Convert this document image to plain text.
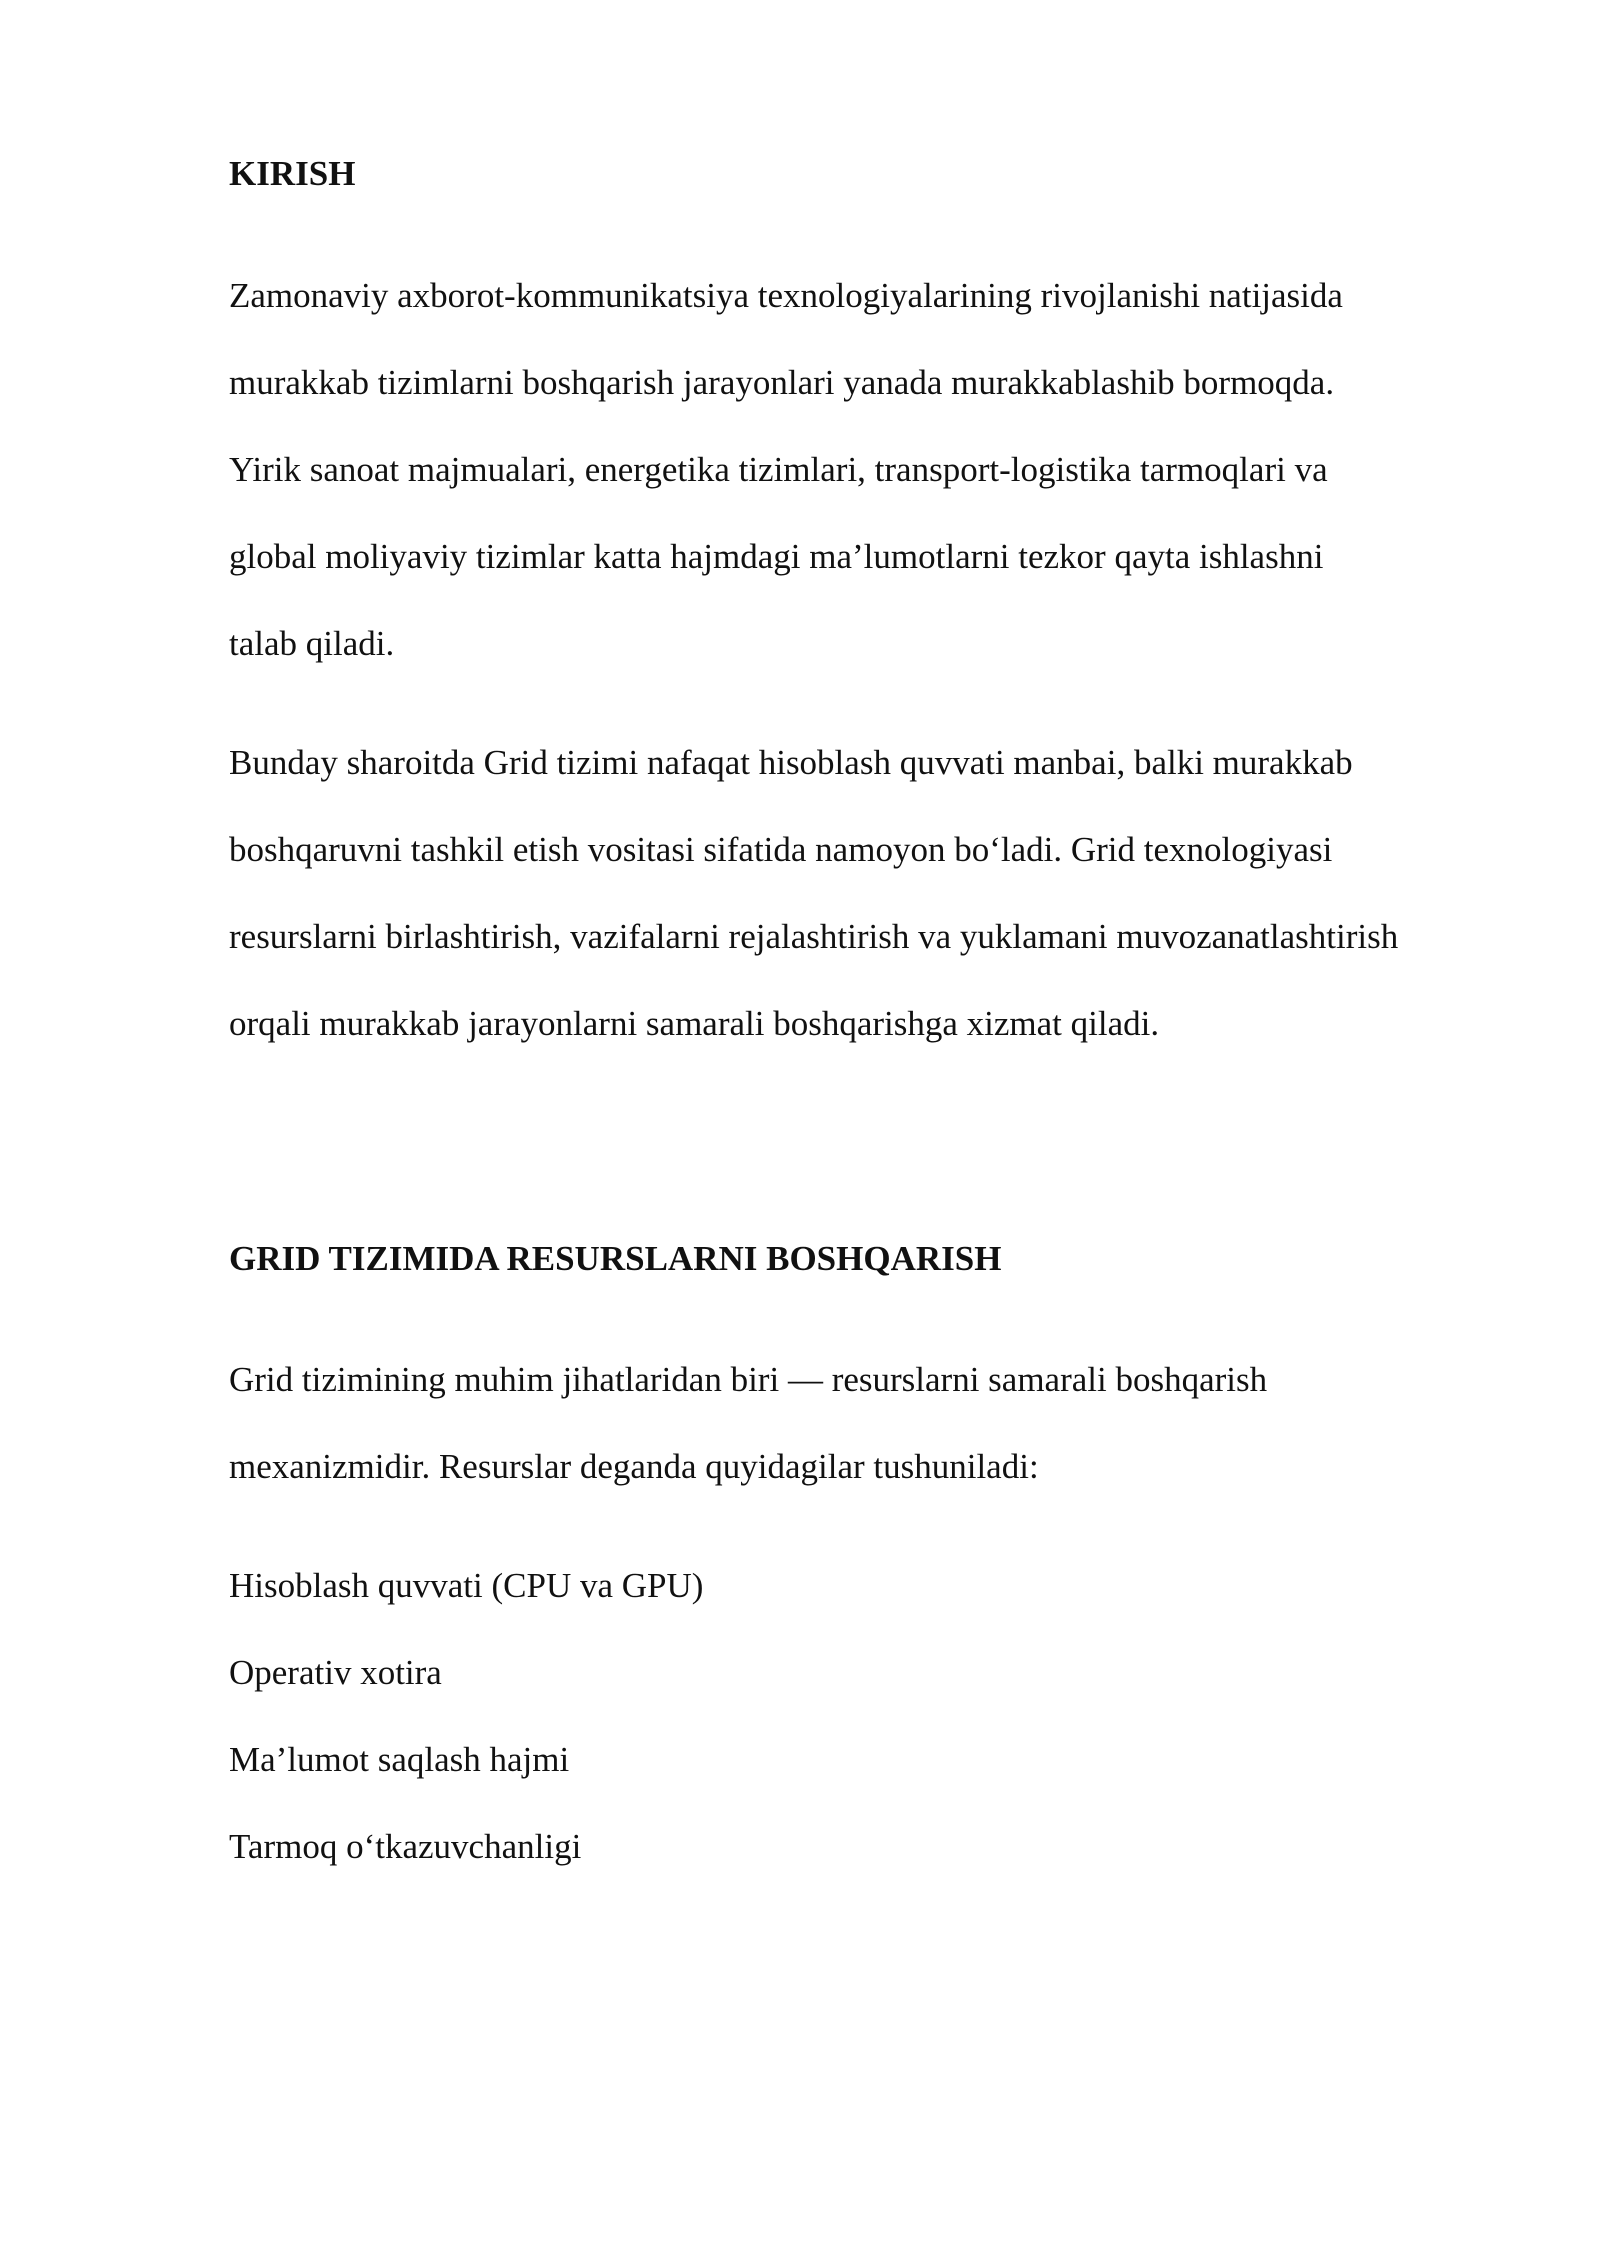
KIRISH

Zamonaviy axborot-kommunikatsiya texnologiyalarining rivojlanishi natijasida

murakkab tizimlarni boshqarish jarayonlari yanada murakkablashib bormoqda.

Yirik sanoat majmualari, energetika tizimlari, transport-logistika tarmoqlari va

global moliyaviy tizimlar katta hajmdagi ma’lumotlarni tezkor qayta ishlashni

talab qiladi.

Bunday sharoitda Grid tizimi nafaqat hisoblash quvvati manbai, balki murakkab

boshqaruvni tashkil etish vositasi sifatida namoyon bo‘ladi. Grid texnologiyasi

resurslarni birlashtirish, vazifalarni rejalashtirish va yuklamani muvozanatlashtirish

orqali murakkab jarayonlarni samarali boshqarishga xizmat qiladi.

GRID TIZIMIDA RESURSLARNI BOSHQARISH

Grid tizimining muhim jihatlaridan biri — resurslarni samarali boshqarish

mexanizmidir. Resurslar deganda quyidagilar tushuniladi:

Hisoblash quvvati (CPU va GPU)

Operativ xotira

Ma’lumot saqlash hajmi

Tarmoq o‘tkazuvchanligi
